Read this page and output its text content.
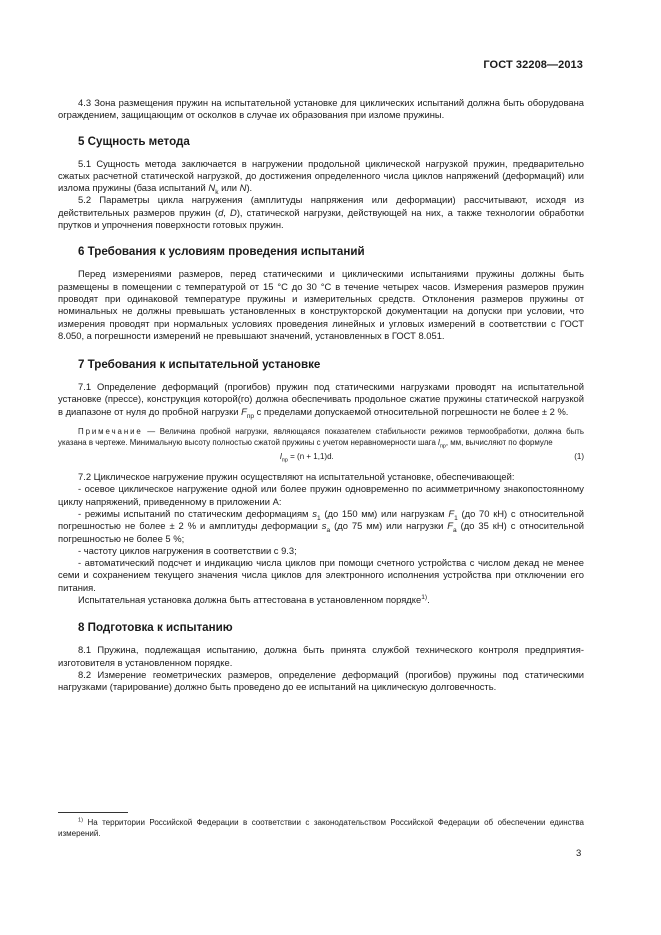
ГОСТ 32208—2013

4.3 Зона размещения пружин на испытательной установке для циклических испытаний должна быть оборудована ограждением, защищающим от осколков в случае их образования при изломе пружины.

5 Сущность метода

5.1 Сущность метода заключается в нагружении продольной циклической нагрузкой пружин, предварительно сжатых расчетной статической нагрузкой, до достижения определенного числа циклов напряжений (деформаций) или излома пружины (база испытаний $N_k$ или N).

5.2 Параметры цикла нагружения (амплитуды напряжения или деформации) рассчитывают, исходя из действительных размеров пружин (d, D), статической нагрузки, действующей на них, а также технологии обработки прутков и упрочнения поверхности готовых пружин.

6 Требования к условиям проведения испытаний

Перед измерениями размеров, перед статическими и циклическими испытаниями пружины должны быть размещены в помещении с температурой от 15 °С до 30 °С в течение четырех часов. Измерения размеров пружин проводят при одинаковой температуре пружины и измерительных средств. Отклонения размеров пружины от номинальных не должны превышать установленных в конструкторской документации на допуски при условии, что измерения проводят при нормальных условиях проведения линейных и угловых измерений в соответствии с ГОСТ 8.050, а погрешности измерений не превышают значений, установленных в ГОСТ 8.051.

7 Требования к испытательной установке

7.1 Определение деформаций (прогибов) пружин под статическими нагрузками проводят на испытательной установке (прессе), конструкция которой(го) должна обеспечивать продольное сжатие пружины статической нагрузкой в диапазоне от нуля до пробной нагрузки $F_{пр}$ с пределами допускаемой относительной погрешности не более ± 2 %.

Примечание — Величина пробной нагрузки, являющаяся показателем стабильности режимов термообработки, должна быть указана в чертеже. Минимальную высоту полностью сжатой пружины с учетом неравномерности шага $l_{пр}$, мм, вычисляют по формуле

$l_{пр} = (n + 1,1)d$.	(1)

7.2 Циклическое нагружение пружин осуществляют на испытательной установке, обеспечивающей:

- осевое циклическое нагружение одной или более пружин одновременно по асимметричному знакопостоянному циклу напряжений, приведенному в приложении А:

- режимы испытаний по статическим деформациям $s_1$ (до 150 мм) или нагрузкам $F_1$ (до 70 кН) с относительной погрешностью не более ± 2 % и амплитуды деформации $s_a$ (до 75 мм) или нагрузки $F_a$ (до 35 кН) с относительной погрешностью не более 5 %;

- частоту циклов нагружения в соответствии с 9.3;

- автоматический подсчет и индикацию числа циклов при помощи счетного устройства с числом декад не менее семи и сохранением текущего значения числа циклов для электронного исполнения устройства при отключении его питания.

Испытательная установка должна быть аттестована в установленном порядке$^{1)}$.

8 Подготовка к испытанию

8.1 Пружина, подлежащая испытанию, должна быть принята службой технического контроля предприятия-изготовителя в установленном порядке.

8.2 Измерение геометрических размеров, определение деформаций (прогибов) пружины под статическими нагрузками (тарирование) должно быть проведено до ее испытаний на циклическую долговечность.

$^{1)}$ На территории Российской Федерации в соответствии с законодательством Российской Федерации об обеспечении единства измерений.
3
